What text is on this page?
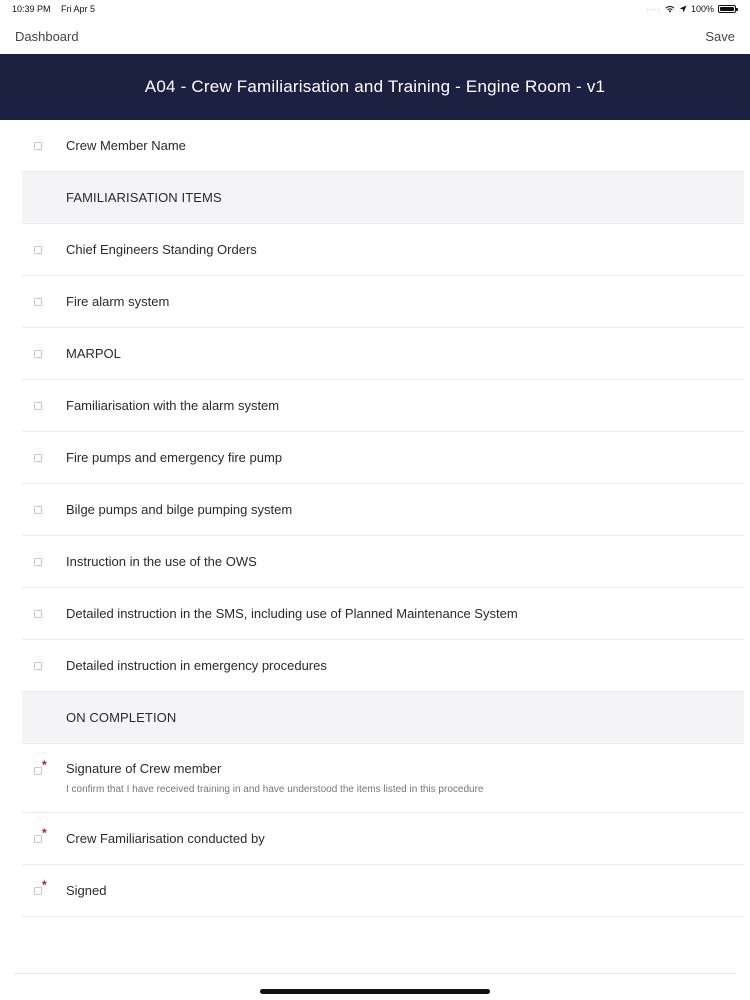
10:39 PM Fri Apr 5	····	100%
Dashboard	Save
A04 - Crew Familiarisation and Training - Engine Room - v1
Crew Member Name
FAMILIARISATION ITEMS
Chief Engineers Standing Orders
Fire alarm system
MARPOL
Familiarisation with the alarm system
Fire pumps and emergency fire pump
Bilge pumps and bilge pumping system
Instruction in the use of the OWS
Detailed instruction in the SMS, including use of Planned Maintenance System
Detailed instruction in emergency procedures
ON COMPLETION
* Signature of Crew member
I confirm that I have received training in and have understood the items listed in this procedure
* Crew Familiarisation conducted by
* Signed
